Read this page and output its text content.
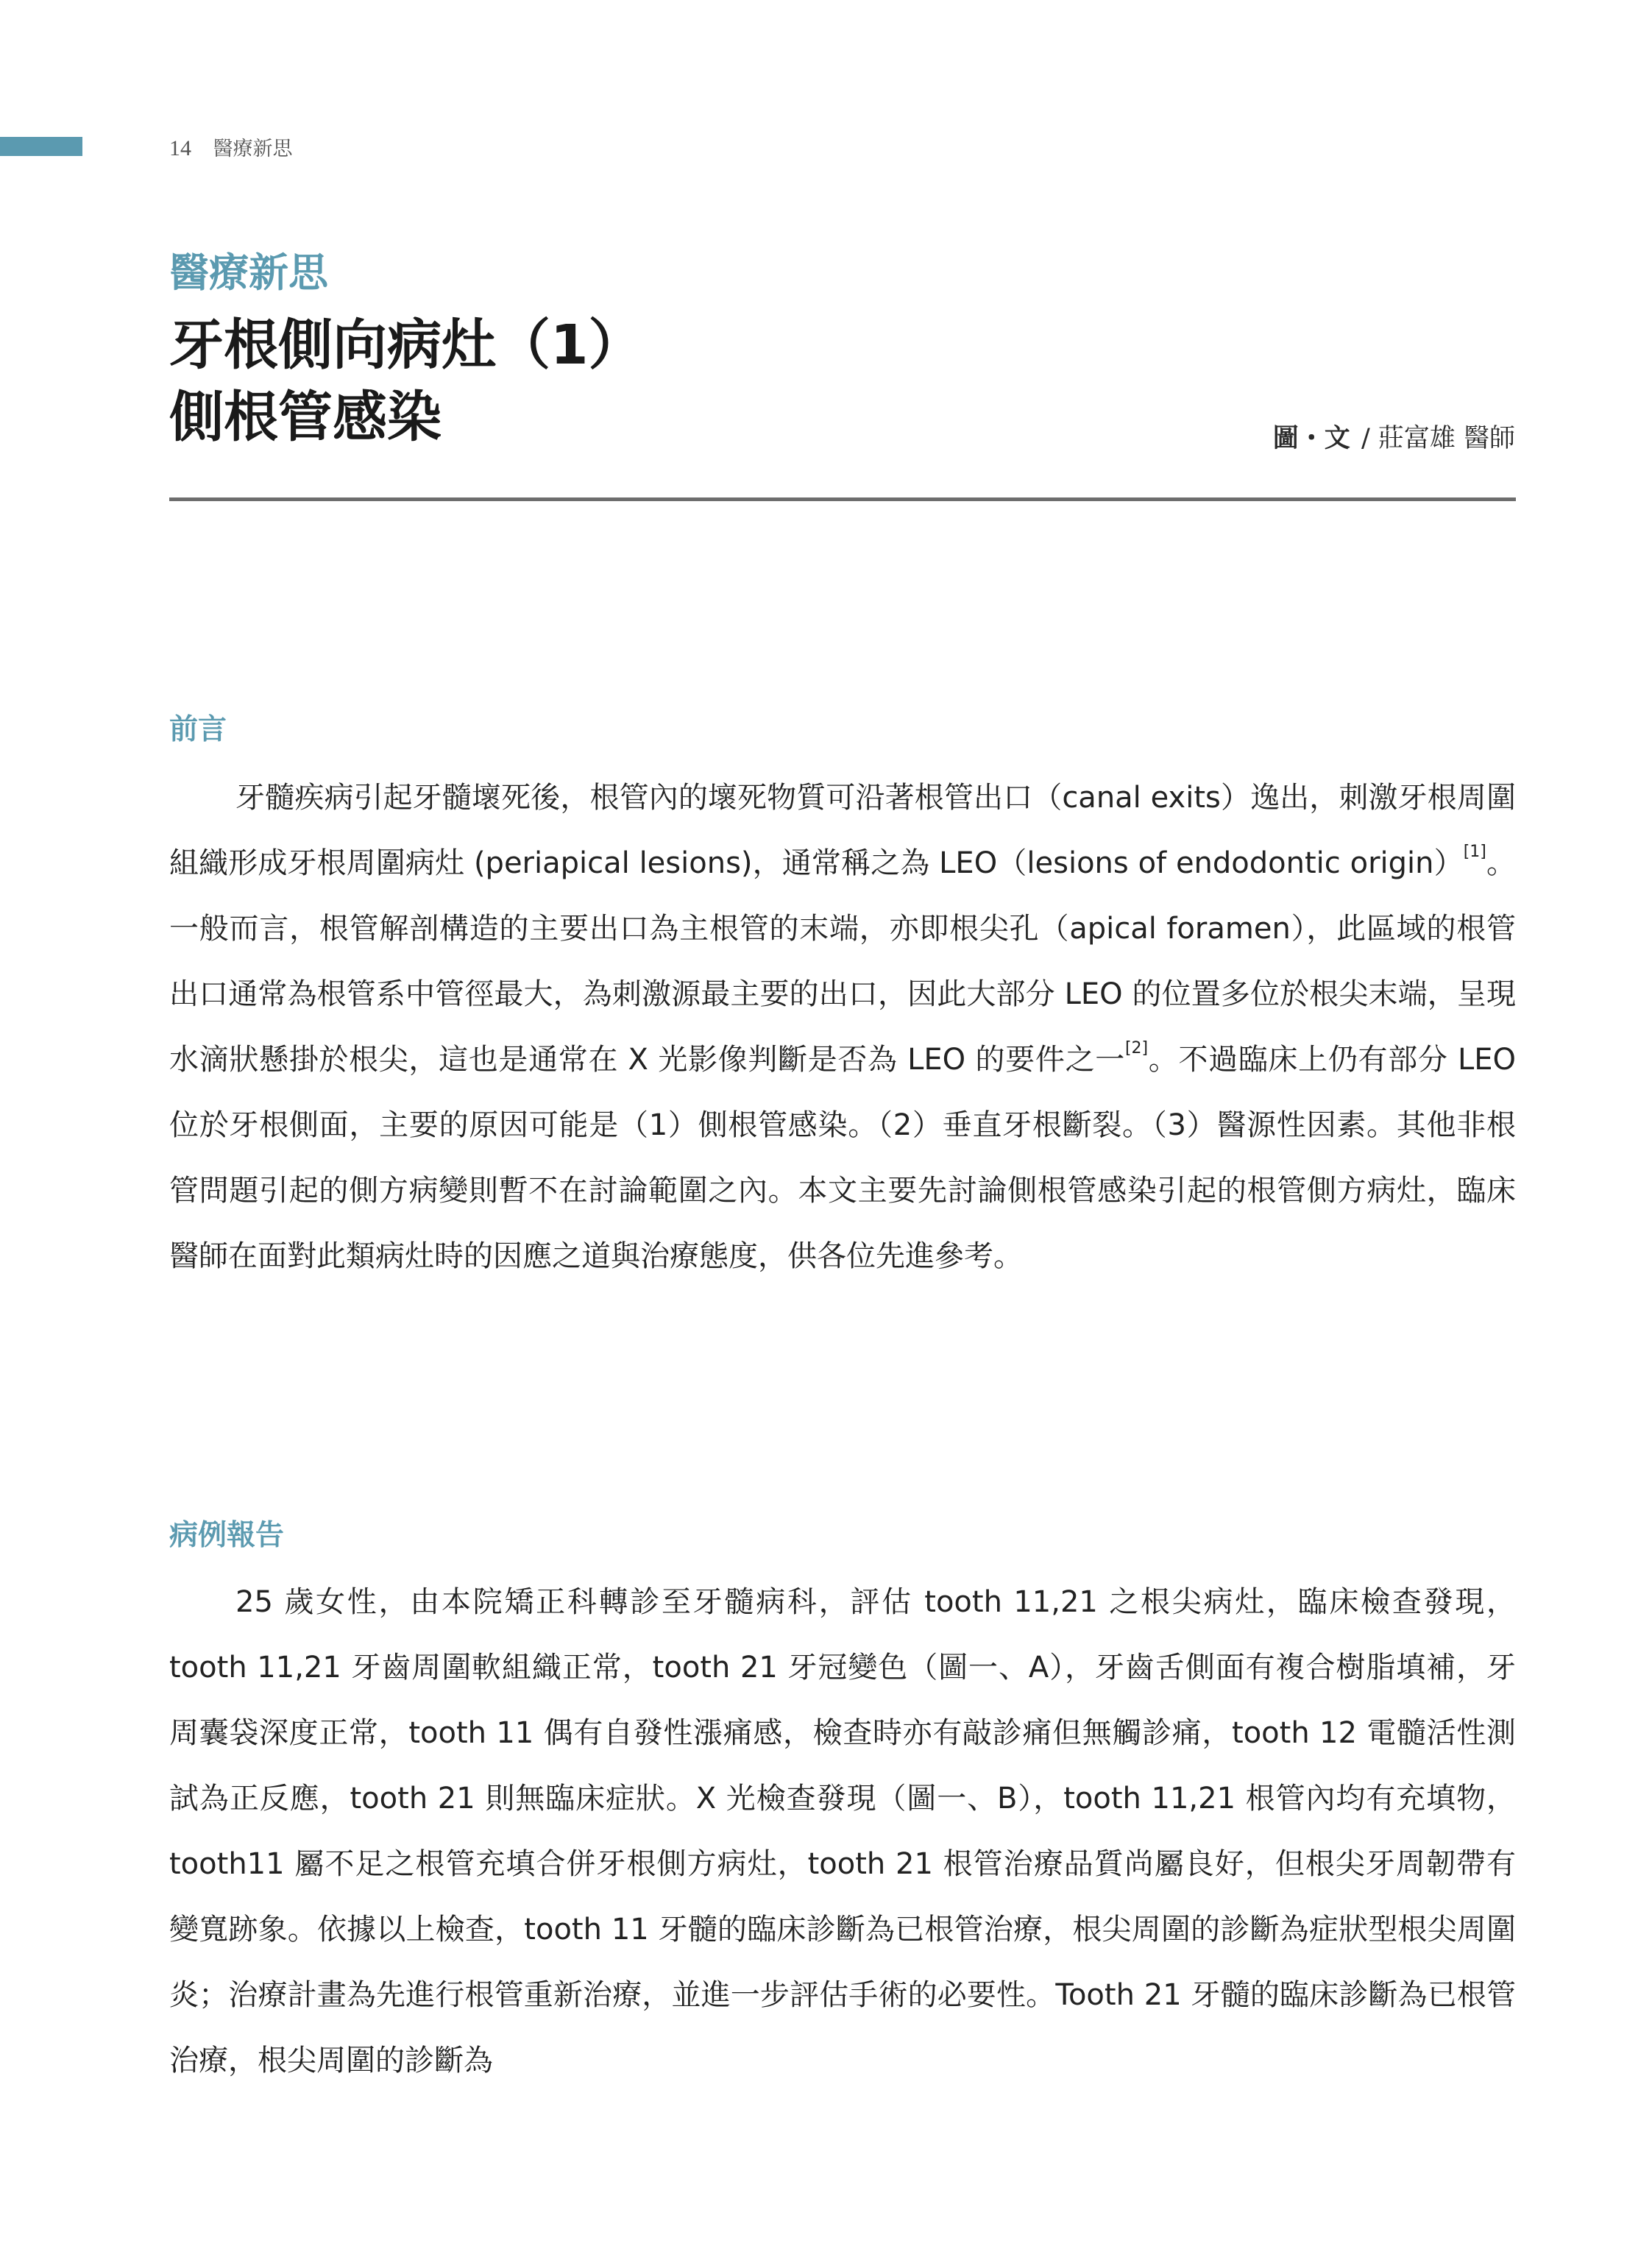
14 醫療新思
醫療新思
牙根側向病灶（1）
側根管感染	圖・文 / 莊富雄 醫師
前言
牙髓疾病引起牙髓壞死後，根管內的壞死物質可沿著根管出口（canal exits）逸出，刺激牙根周圍組織形成牙根周圍病灶 (periapical lesions)，通常稱之為 LEO（lesions of endodontic origin）[1]。一般而言，根管解剖構造的主要出口為主根管的末端，亦即根尖孔（apical foramen），此區域的根管出口通常為根管系中管徑最大，為刺激源最主要的出口，因此大部分 LEO 的位置多位於根尖末端，呈現水滴狀懸掛於根尖，這也是通常在 X 光影像判斷是否為 LEO 的要件之一[2]。不過臨床上仍有部分 LEO 位於牙根側面，主要的原因可能是（1）側根管感染。（2）垂直牙根斷裂。（3）醫源性因素。其他非根管問題引起的側方病變則暫不在討論範圍之內。本文主要先討論側根管感染引起的根管側方病灶，臨床醫師在面對此類病灶時的因應之道與治療態度，供各位先進參考。
病例報告
25 歲女性，由本院矯正科轉診至牙髓病科，評估 tooth 11,21 之根尖病灶，臨床檢查發現，tooth 11,21 牙齒周圍軟組織正常，tooth 21 牙冠變色（圖一、A），牙齒舌側面有複合樹脂填補，牙周囊袋深度正常，tooth 11 偶有自發性漲痛感，檢查時亦有敲診痛但無觸診痛，tooth 12 電髓活性測試為正反應，tooth 21 則無臨床症狀。X 光檢查發現（圖一、B），tooth 11,21 根管內均有充填物，tooth11 屬不足之根管充填合併牙根側方病灶，tooth 21 根管治療品質尚屬良好，但根尖牙周韌帶有變寬跡象。依據以上檢查，tooth 11 牙髓的臨床診斷為已根管治療，根尖周圍的診斷為症狀型根尖周圍炎；治療計畫為先進行根管重新治療，並進一步評估手術的必要性。Tooth 21 牙髓的臨床診斷為已根管治療，根尖周圍的診斷為
